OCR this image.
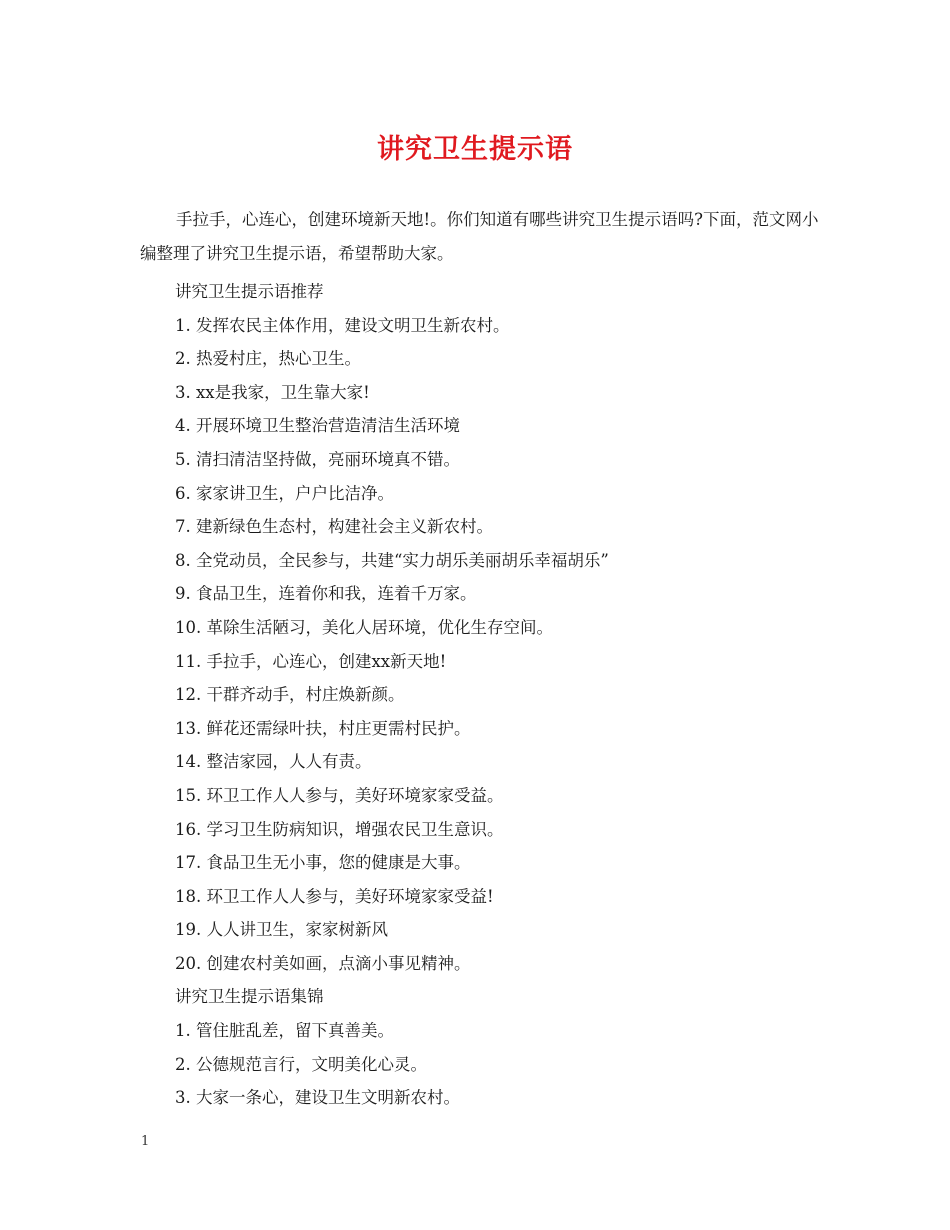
讲究卫生提示语

手拉手，心连心，创建环境新天地!。你们知道有哪些讲究卫生提示语吗?下面，范文网小编整理了讲究卫生提示语，希望帮助大家。

讲究卫生提示语推荐
1. 发挥农民主体作用，建设文明卫生新农村。
2. 热爱村庄，热心卫生。
3. xx是我家，卫生靠大家!
4. 开展环境卫生整治营造清洁生活环境
5. 清扫清洁坚持做，亮丽环境真不错。
6. 家家讲卫生，户户比洁净。
7. 建新绿色生态村，构建社会主义新农村。
8. 全党动员，全民参与，共建“实力胡乐美丽胡乐幸福胡乐”
9. 食品卫生，连着你和我，连着千万家。
10. 革除生活陋习，美化人居环境，优化生存空间。
11. 手拉手，心连心，创建xx新天地!
12. 干群齐动手，村庄焕新颜。
13. 鲜花还需绿叶扶，村庄更需村民护。
14. 整洁家园，人人有责。
15. 环卫工作人人参与，美好环境家家受益。
16. 学习卫生防病知识，增强农民卫生意识。
17. 食品卫生无小事，您的健康是大事。
18. 环卫工作人人参与，美好环境家家受益!
19. 人人讲卫生，家家树新风
20. 创建农村美如画，点滴小事见精神。
讲究卫生提示语集锦
1. 管住脏乱差，留下真善美。
2. 公德规范言行，文明美化心灵。
3. 大家一条心，建设卫生文明新农村。
1
